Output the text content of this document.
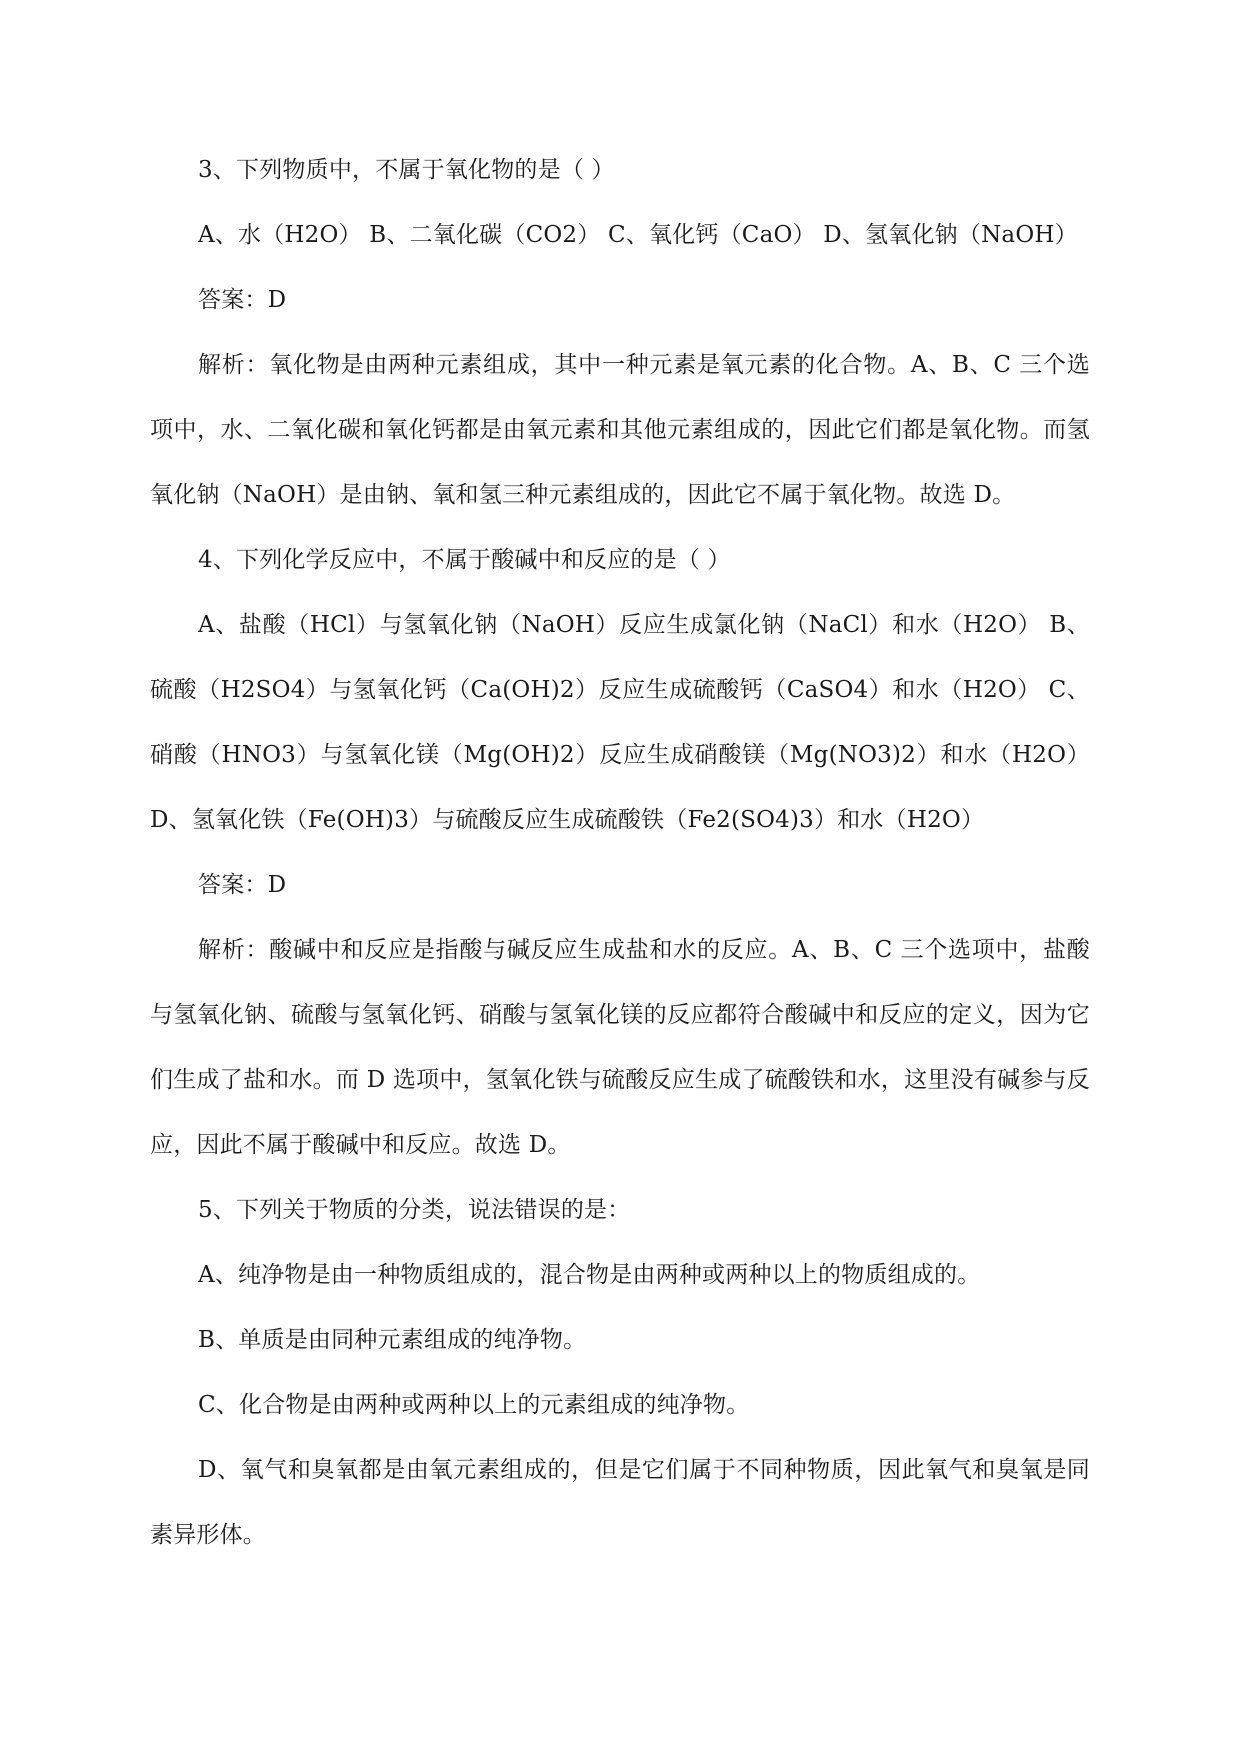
3、下列物质中，不属于氧化物的是（ ）

A、水（H2O） B、二氧化碳（CO2） C、氧化钙（CaO） D、氢氧化钠（NaOH）

答案：D

解析：氧化物是由两种元素组成，其中一种元素是氧元素的化合物。A、B、C 三个选项中，水、二氧化碳和氧化钙都是由氧元素和其他元素组成的，因此它们都是氧化物。而氢氧化钠（NaOH）是由钠、氧和氢三种元素组成的，因此它不属于氧化物。故选 D。

4、下列化学反应中，不属于酸碱中和反应的是（ ）

A、盐酸（HCl）与氢氧化钠（NaOH）反应生成氯化钠（NaCl）和水（H2O） B、硫酸（H2SO4）与氢氧化钙（Ca(OH)2）反应生成硫酸钙（CaSO4）和水（H2O） C、硝酸（HNO3）与氢氧化镁（Mg(OH)2）反应生成硝酸镁（Mg(NO3)2）和水（H2O） D、氢氧化铁（Fe(OH)3）与硫酸反应生成硫酸铁（Fe2(SO4)3）和水（H2O）

答案：D

解析：酸碱中和反应是指酸与碱反应生成盐和水的反应。A、B、C 三个选项中，盐酸与氢氧化钠、硫酸与氢氧化钙、硝酸与氢氧化镁的反应都符合酸碱中和反应的定义，因为它们生成了盐和水。而 D 选项中，氢氧化铁与硫酸反应生成了硫酸铁和水，这里没有碱参与反应，因此不属于酸碱中和反应。故选 D。

5、下列关于物质的分类，说法错误的是：

A、纯净物是由一种物质组成的，混合物是由两种或两种以上的物质组成的。

B、单质是由同种元素组成的纯净物。

C、化合物是由两种或两种以上的元素组成的纯净物。

D、氧气和臭氧都是由氧元素组成的，但是它们属于不同种物质，因此氧气和臭氧是同素异形体。
